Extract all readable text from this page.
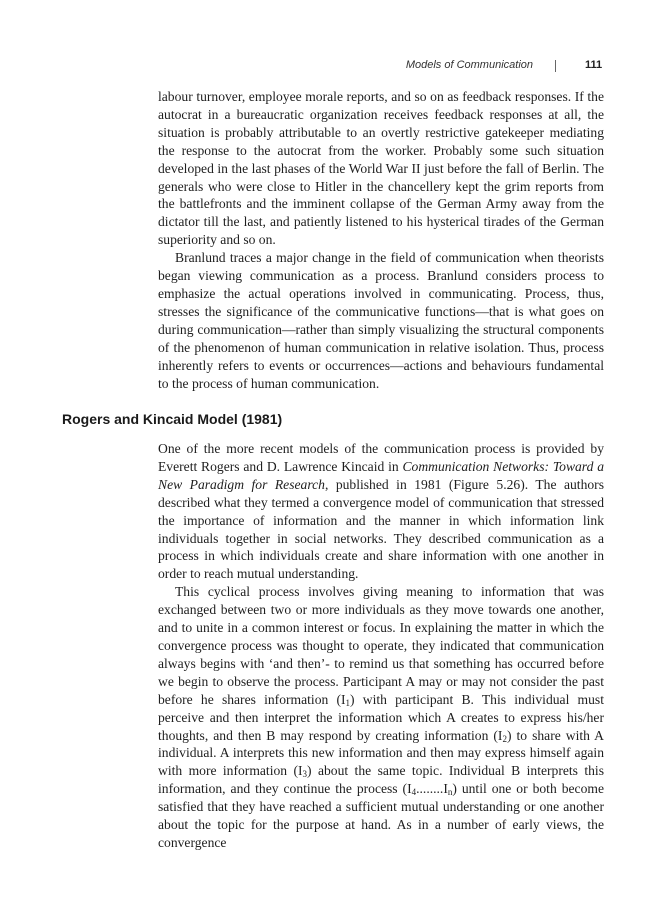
Models of Communication	111

labour turnover, employee morale reports, and so on as feedback responses. If the autocrat in a bureaucratic organization receives feedback responses at all, the situation is probably attributable to an overtly restrictive gatekeeper mediating the response to the autocrat from the worker. Probably some such situation developed in the last phases of the World War II just before the fall of Berlin. The generals who were close to Hitler in the chancellery kept the grim reports from the battlefronts and the imminent collapse of the German Army away from the dictator till the last, and patiently listened to his hysterical tirades of the German superiority and so on.

Branlund traces a major change in the field of communication when theorists began viewing communication as a process. Branlund considers process to emphasize the actual operations involved in communicating. Process, thus, stresses the significance of the communicative functions—that is what goes on during communication—rather than simply visualizing the structural components of the phenomenon of human communication in relative isolation. Thus, process inherently refers to events or occurrences—actions and behaviours fundamental to the process of human communication.

Rogers and Kincaid Model (1981)

One of the more recent models of the communication process is provided by Everett Rogers and D. Lawrence Kincaid in Communication Networks: Toward a New Paradigm for Research, published in 1981 (Figure 5.26). The authors described what they termed a convergence model of communication that stressed the importance of information and the manner in which information link individuals together in social networks. They described communication as a process in which individuals create and share information with one another in order to reach mutual understanding.

This cyclical process involves giving meaning to information that was exchanged between two or more individuals as they move towards one another, and to unite in a common interest or focus. In explaining the matter in which the convergence process was thought to operate, they indicated that communication always begins with ‘and then’- to remind us that something has occurred before we begin to observe the process. Participant A may or may not consider the past before he shares information $(I_1)$ with participant B. This individual must perceive and then interpret the information which A creates to express his/her thoughts, and then B may respond by creating information $(I_2)$ to share with A individual. A interprets this new information and then may express himself again with more information $(I_3)$ about the same topic. Individual B interprets this information, and they continue the process $(I_4........I_n)$ until one or both become satisfied that they have reached a sufficient mutual understanding or one another about the topic for the purpose at hand. As in a number of early views, the convergence
